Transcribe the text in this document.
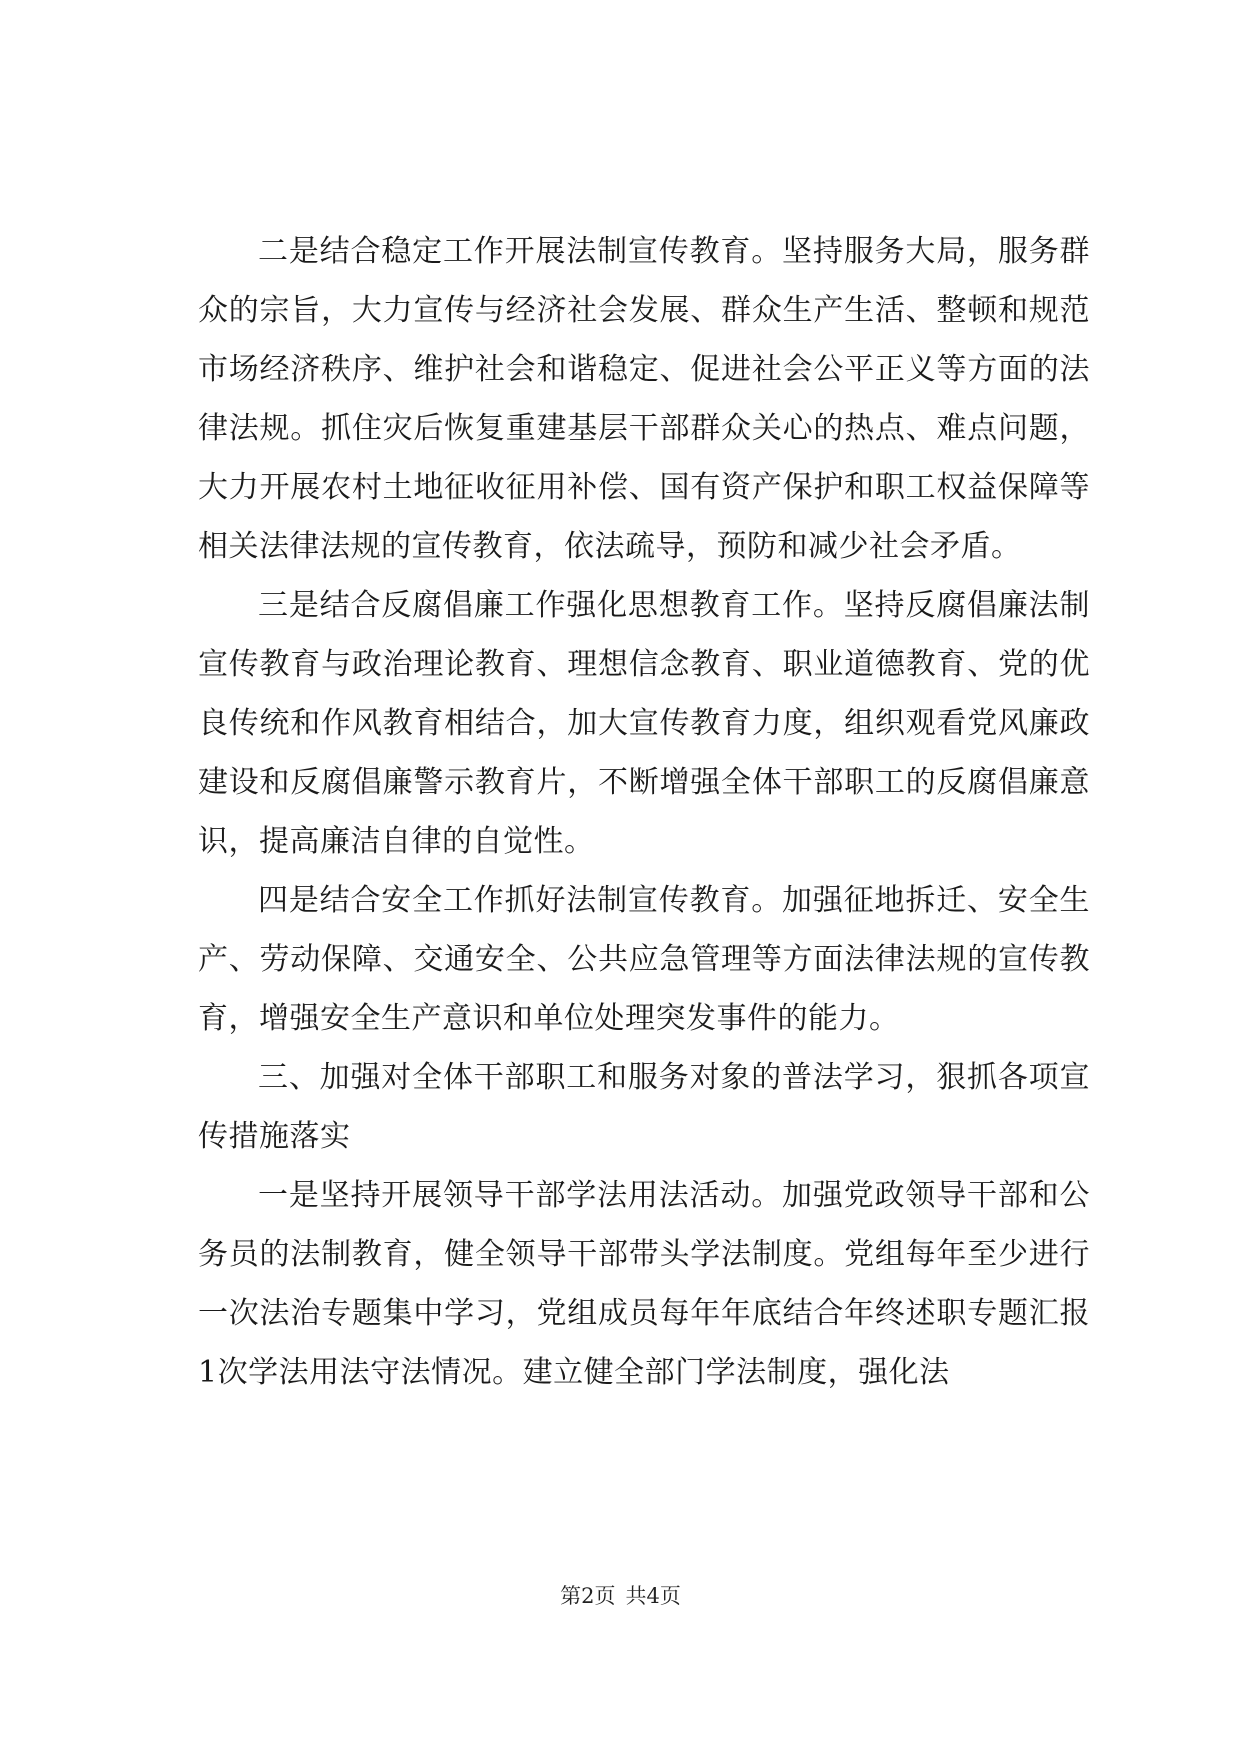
二是结合稳定工作开展法制宣传教育。坚持服务大局，服务群众的宗旨，大力宣传与经济社会发展、群众生产生活、整顿和规范市场经济秩序、维护社会和谐稳定、促进社会公平正义等方面的法律法规。抓住灾后恢复重建基层干部群众关心的热点、难点问题，大力开展农村土地征收征用补偿、国有资产保护和职工权益保障等相关法律法规的宣传教育，依法疏导，预防和减少社会矛盾。

三是结合反腐倡廉工作强化思想教育工作。坚持反腐倡廉法制宣传教育与政治理论教育、理想信念教育、职业道德教育、党的优良传统和作风教育相结合，加大宣传教育力度，组织观看党风廉政建设和反腐倡廉警示教育片，不断增强全体干部职工的反腐倡廉意识，提高廉洁自律的自觉性。

四是结合安全工作抓好法制宣传教育。加强征地拆迁、安全生产、劳动保障、交通安全、公共应急管理等方面法律法规的宣传教育，增强安全生产意识和单位处理突发事件的能力。

三、加强对全体干部职工和服务对象的普法学习，狠抓各项宣传措施落实

一是坚持开展领导干部学法用法活动。加强党政领导干部和公务员的法制教育，健全领导干部带头学法制度。党组每年至少进行一次法治专题集中学习，党组成员每年年底结合年终述职专题汇报1次学法用法守法情况。建立健全部门学法制度，强化法

第2页 共4页
